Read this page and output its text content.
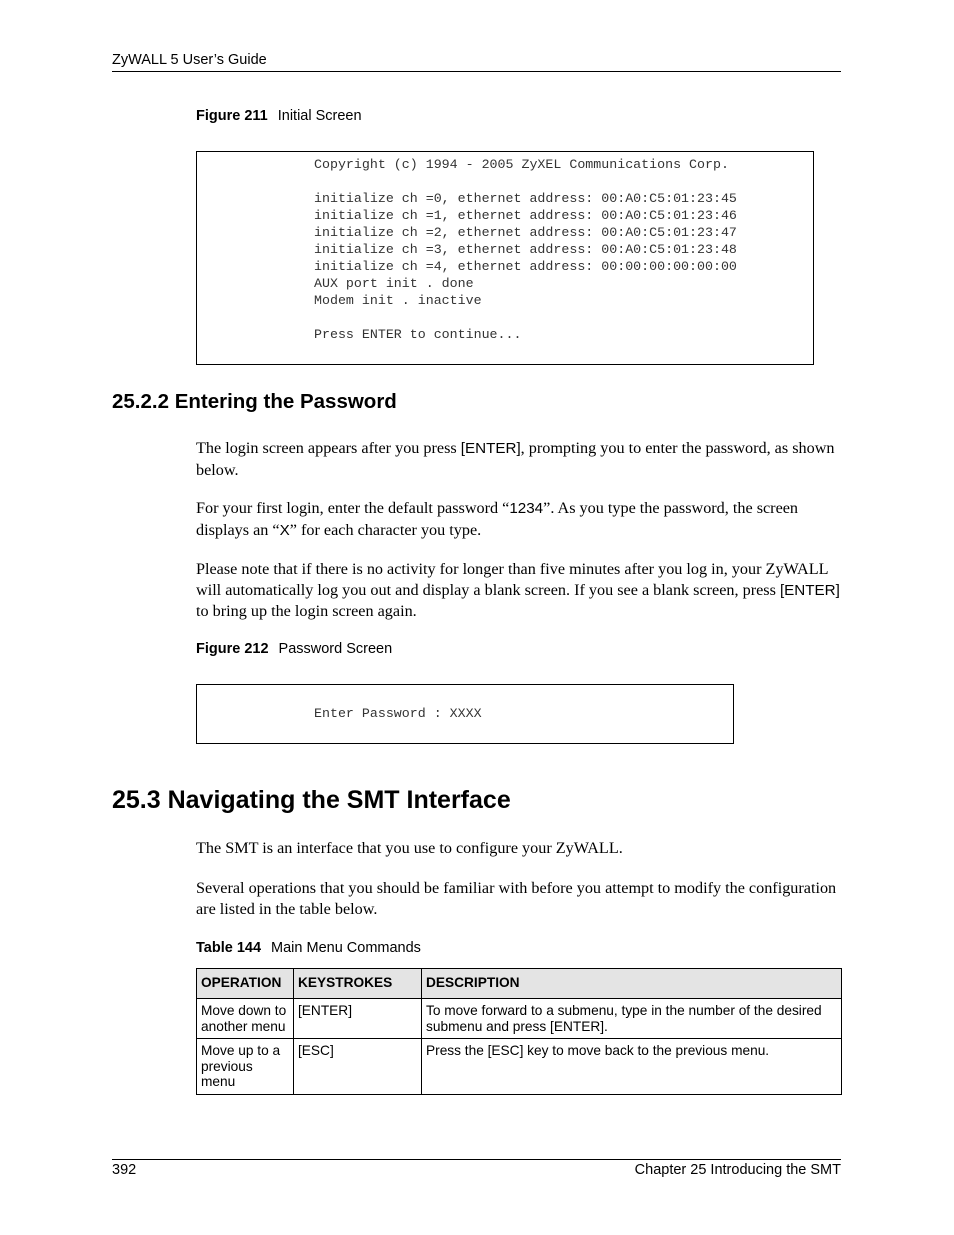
ZyWALL 5 User’s Guide
Figure 211 Initial Screen
Copyright (c) 1994 - 2005 ZyXEL Communications Corp.
initialize ch =0, ethernet address: 00:A0:C5:01:23:45
initialize ch =1, ethernet address: 00:A0:C5:01:23:46
initialize ch =2, ethernet address: 00:A0:C5:01:23:47
initialize ch =3, ethernet address: 00:A0:C5:01:23:48
initialize ch =4, ethernet address: 00:00:00:00:00:00
AUX port init . done
Modem init . inactive
Press ENTER to continue...
25.2.2 Entering the Password
The login screen appears after you press [ENTER], prompting you to enter the password, as shown below.
For your first login, enter the default password “1234”. As you type the password, the screen displays an “X” for each character you type.
Please note that if there is no activity for longer than five minutes after you log in, your ZyWALL will automatically log you out and display a blank screen. If you see a blank screen, press [ENTER] to bring up the login screen again.
Figure 212 Password Screen
Enter Password : XXXX
25.3 Navigating the SMT Interface
The SMT is an interface that you use to configure your ZyWALL.
Several operations that you should be familiar with before you attempt to modify the configuration are listed in the table below.
Table 144 Main Menu Commands
OPERATION	KEYSTROKES	DESCRIPTION
Move down to another menu	[ENTER]	To move forward to a submenu, type in the number of the desired submenu and press [ENTER].
Move up to a previous menu	[ESC]	Press the [ESC] key to move back to the previous menu.
392	Chapter 25 Introducing the SMT
